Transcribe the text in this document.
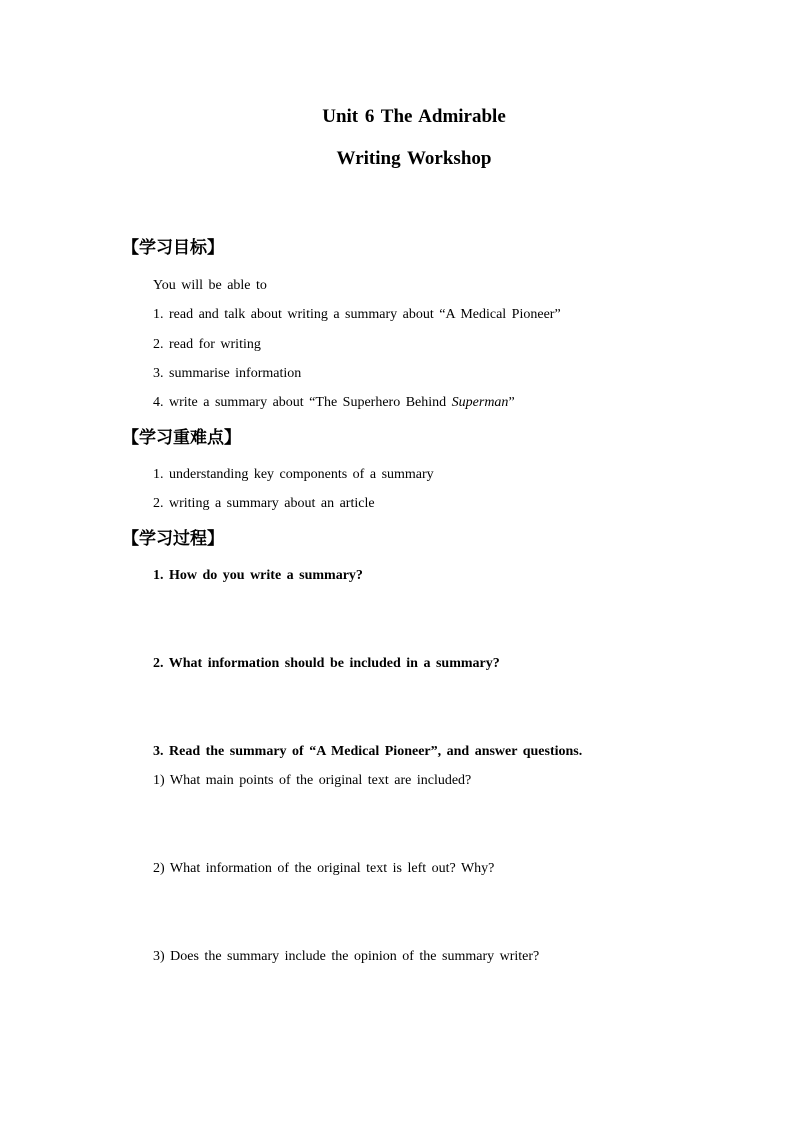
Unit 6 The Admirable
Writing Workshop
【学习目标】
You will be able to
1. read and talk about writing a summary about “A Medical Pioneer”
2. read for writing
3. summarise information
4. write a summary about “The Superhero Behind Superman”
【学习重难点】
1. understanding key components of a summary
2. writing a summary about an article
【学习过程】
1. How do you write a summary?
2. What information should be included in a summary?
3. Read the summary of “A Medical Pioneer”, and answer questions.
1) What main points of the original text are included?
2) What information of the original text is left out? Why?
3) Does the summary include the opinion of the summary writer?
